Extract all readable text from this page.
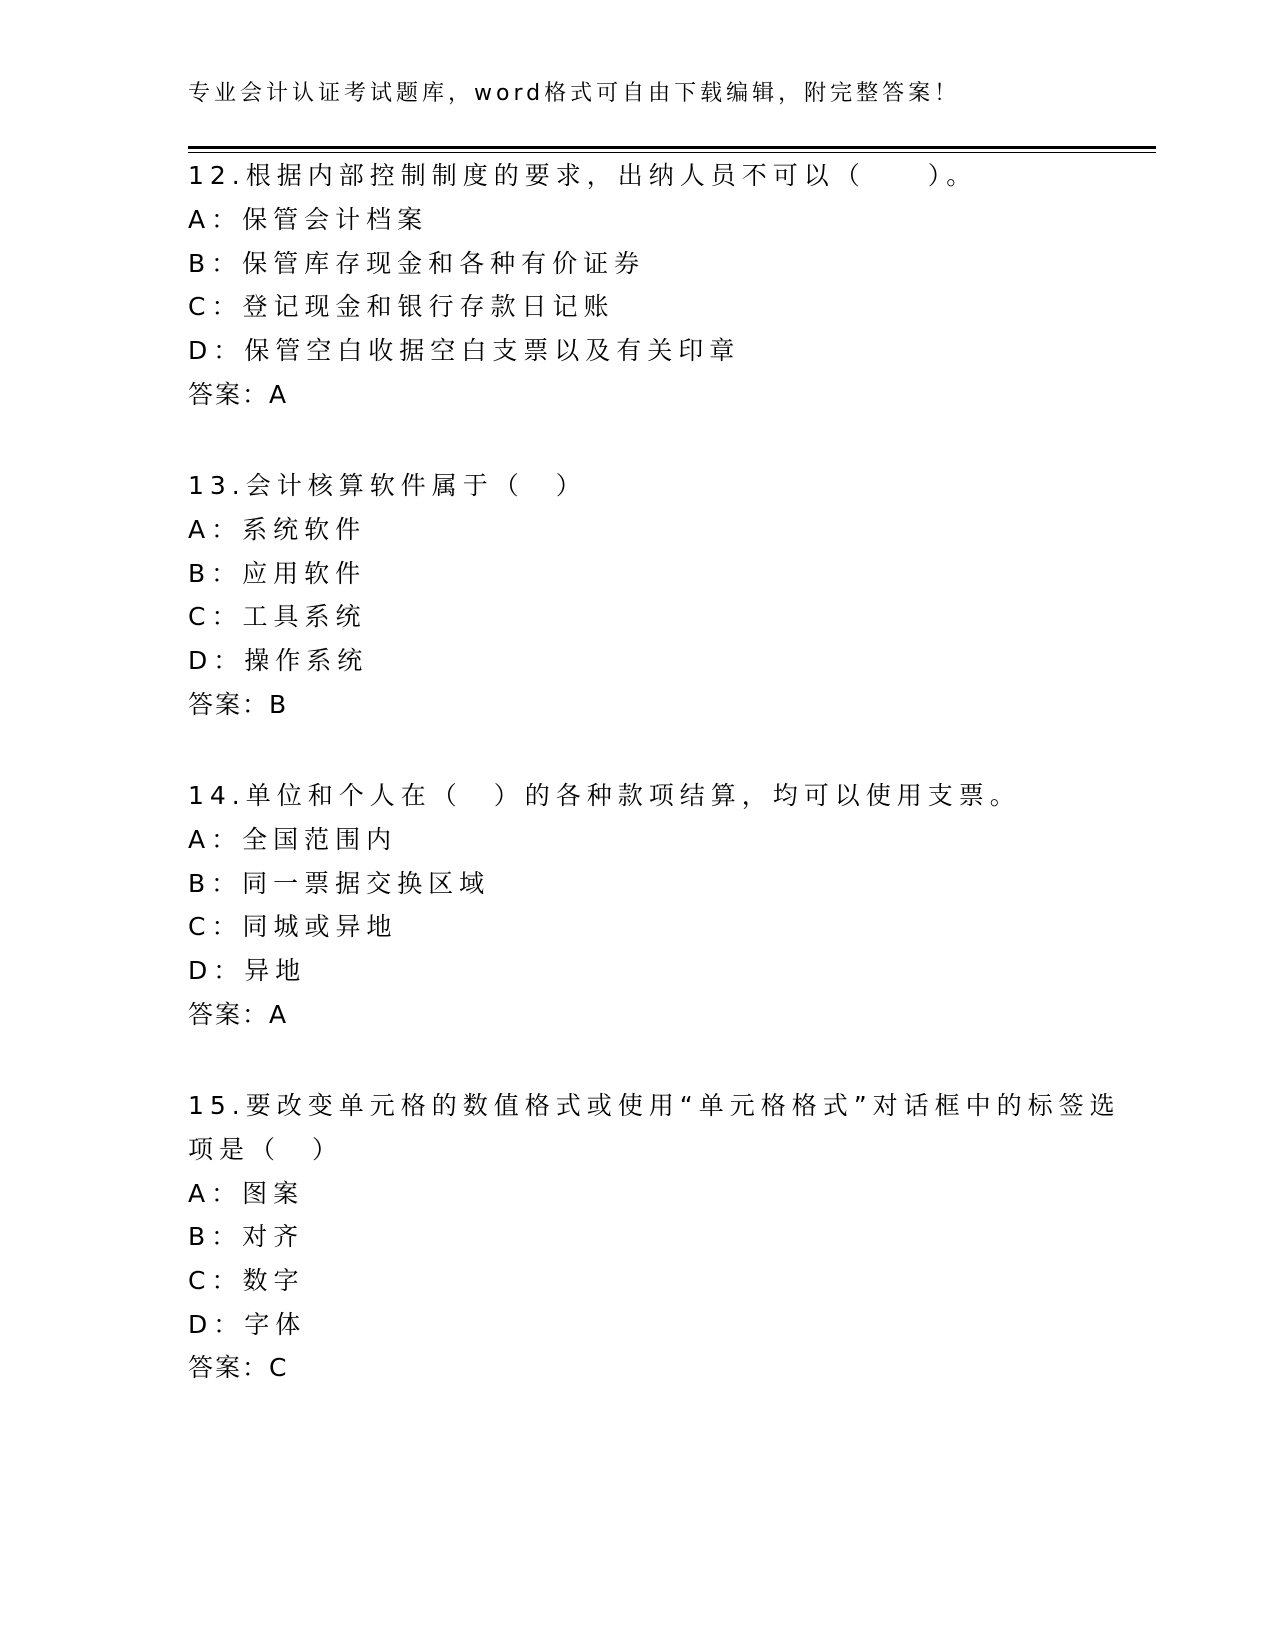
专业会计认证考试题库，word格式可自由下载编辑，附完整答案！
12.根据内部控制制度的要求，出纳人员不可以（　　）。
A：保管会计档案
B：保管库存现金和各种有价证券
C：登记现金和银行存款日记账
D：保管空白收据空白支票以及有关印章
答案：A
13.会计核算软件属于（　）
A：系统软件
B：应用软件
C：工具系统
D：操作系统
答案：B
14.单位和个人在（　）的各种款项结算，均可以使用支票。
A：全国范围内
B：同一票据交换区域
C：同城或异地
D：异地
答案：A
15.要改变单元格的数值格式或使用“单元格格式”对话框中的标签选
项是（　）
A：图案
B：对齐
C：数字
D：字体
答案：C
